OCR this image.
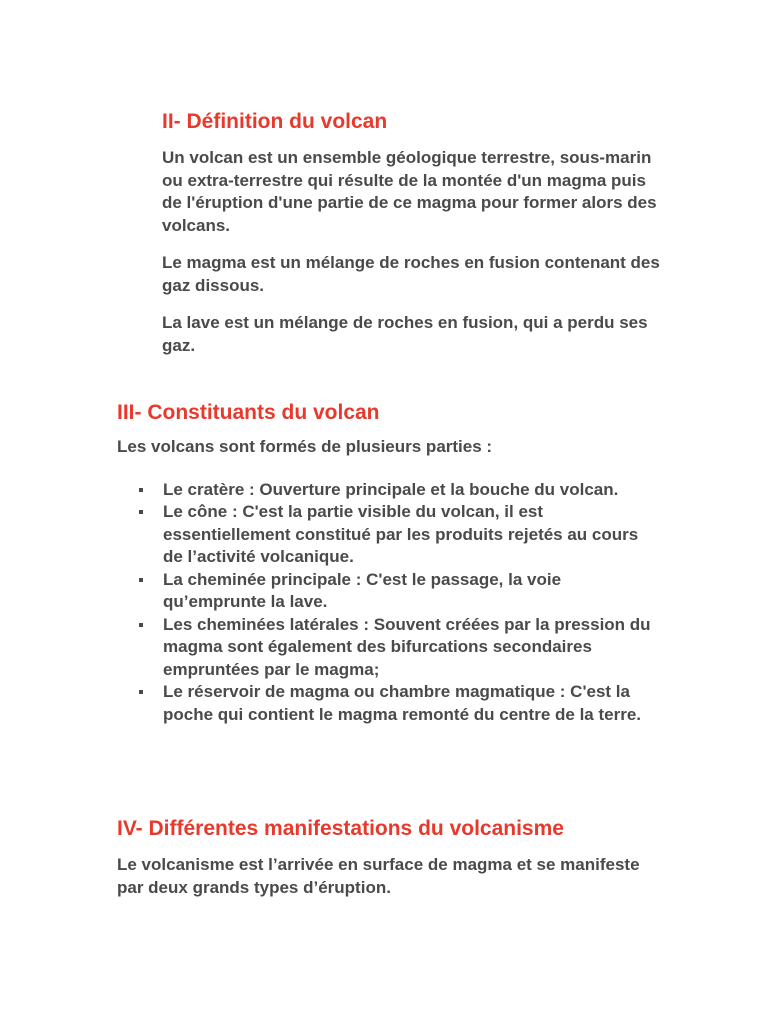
II- Définition du volcan

Un volcan est un ensemble géologique terrestre, sous-marin ou extra-terrestre qui résulte de la montée d'un magma puis de l'éruption d'une partie de ce magma pour former alors des volcans.

Le magma est un mélange de roches en fusion contenant des gaz dissous.

La lave est un mélange de roches en fusion, qui a perdu ses gaz.

III- Constituants du volcan

Les volcans sont formés de plusieurs parties :

Le cratère : Ouverture principale et la bouche du volcan.
Le cône : C'est la partie visible du volcan, il est essentiellement constitué par les produits rejetés au cours de l’activité volcanique.
La cheminée principale : C'est le passage, la voie qu’emprunte la lave.
Les cheminées latérales : Souvent créées par la pression du magma sont également des bifurcations secondaires empruntées par le magma;
Le réservoir de magma ou chambre magmatique : C'est la poche qui contient le magma remonté du centre de la terre.
IV- Différentes manifestations du volcanisme

Le volcanisme est l’arrivée en surface de magma et se manifeste par deux grands types d’éruption.
